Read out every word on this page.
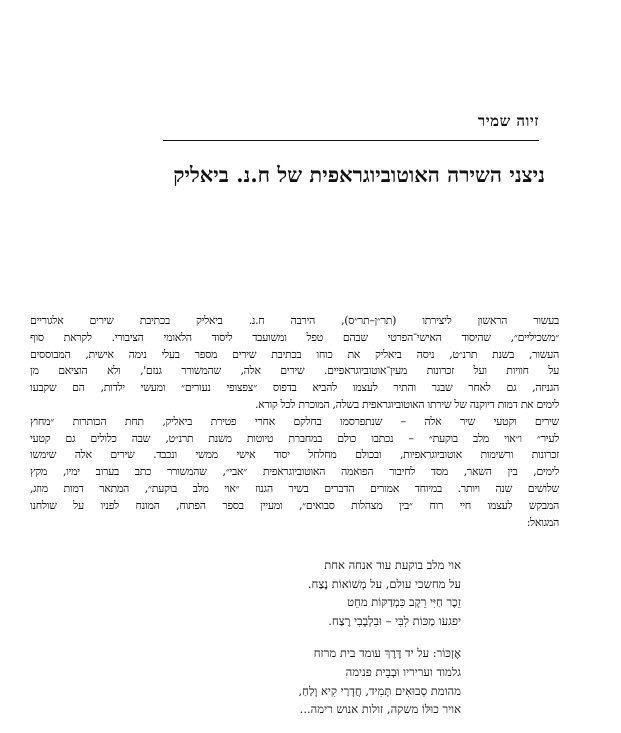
זיוה שמיר
ניצני השירה האוטוביוגראפית של ח.נ. ביאליק

בעשור הראשון ליצירתו (תר״ן–תר״ס), הירבה ח.נ. ביאליק בכתיבת שירים אלגוריים
״משכיליים״, שהיסוד האישי־הפרטי שבהם טפל ומשועבד ליסוד הלאומי הציבורי. לקראת סוף
העשור, בשנת תרנ״ט, ניסה ביאליק את כוחו בכתיבת שירים מספר בעלי נימה אישית, המבוססים
על חוויות ועל זכרונות מעין־אוטוביוגראפיים. שירים אלה, שהמשורר גנזם', ולא הוציאם מן
הגניזה, גם לאחר שבגר והתיר לעצמו להביא בדפוס ״צפצופי נעורים״ ומעשי ילדות, הם שקבעו
לימים את דמות דיוקנה של שירתו האוטוביוגראפית בשלה, המוכרת לכל קורא.

שירים וקטעי שיר אלה – שנתפרסמו בחלקם אחרי פטירת ביאליק, תחת הכותרות ״מחוץ
לעיר״ ו״אוי מלב בוקעת״ – נכתבו כולם במחברת טיוטות משנת תרנ״ט, שבה כלולים גם קטעי
זכרונות ורשימות אוטוביוגראפיות, ובכולם מחלחל יסוד אישי ממשי ונכבד. שירים אלה שימשו
לימים, בין השאר, מסד לחיבור הפואמה האוטוביוגראפית ״אבי״, שהמשורר כתב בערוב ימיו, מקץ
שלושים שנה ויותר. במיוחד אמורים הדברים בשיר הגנוז ״אוי מלב בוקעת״, המתאר דמות מוזג,
המבקש לעצמו חיי רוח ״בין מצהלות סבואים״, ומעיין בספר הפתוח, המונח לפניו על שולחנו
המגואל:

אוי מלב בוקעת עוד אנחה אחת
על מחשכי עולם, על מְשׁוֹאוֹת נֶצַח.
זֵכֶר חַיִּי רֵקָב כִּמְדַקּוֹת מחֵט
יפגעו מַכּוֹת לִבִּי – וּבִלְבָבִי רֶצַח.
אֶזְכּוֹר: על יד דֶּרֶךְ עומד בית מרזח
גלמוד ועריריו וּבְבֵית פנימה
מהומת סְבוּאִים תָּמִיד, חֲדָרַי קִיא וָלַחַ,
אויר כוּלּוֹ משקה, זולות אנוש רימה...
